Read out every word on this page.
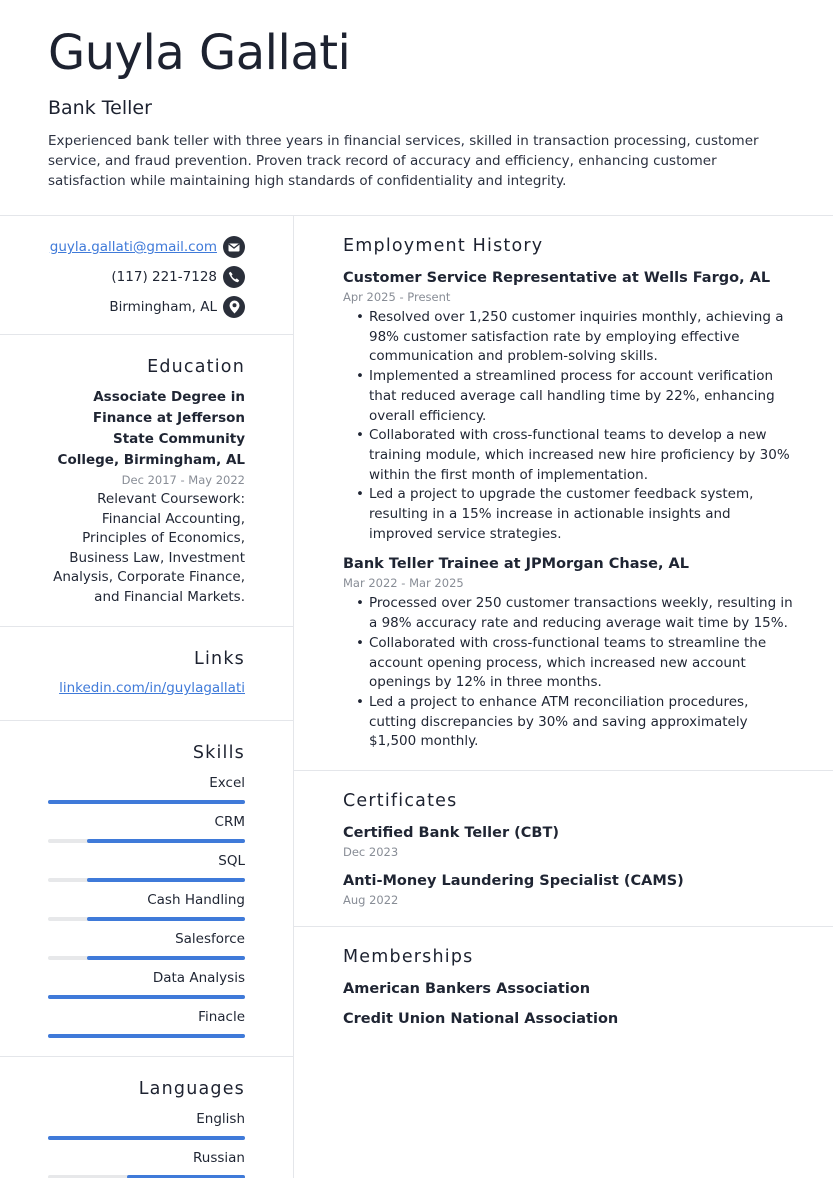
Guyla Gallati
Bank Teller

Experienced bank teller with three years in financial services, skilled in transaction processing, customer service, and fraud prevention. Proven track record of accuracy and efficiency, enhancing customer satisfaction while maintaining high standards of confidentiality and integrity.

guyla.gallati@gmail.com
(117) 221-7128
Birmingham, AL
Education
Associate Degree in Finance at Jefferson State Community College, Birmingham, AL
Dec 2017 - May 2022
Relevant Coursework: Financial Accounting, Principles of Economics, Business Law, Investment Analysis, Corporate Finance, and Financial Markets.
Links
linkedin.com/in/guylagallati
Skills
Excel
CRM
SQL
Cash Handling
Salesforce
Data Analysis
Finacle
Languages
English
Russian
Employment History
Customer Service Representative at Wells Fargo, AL
Apr 2025 - Present
• Resolved over 1,250 customer inquiries monthly, achieving a 98% customer satisfaction rate by employing effective communication and problem-solving skills.
• Implemented a streamlined process for account verification that reduced average call handling time by 22%, enhancing overall efficiency.
• Collaborated with cross-functional teams to develop a new training module, which increased new hire proficiency by 30% within the first month of implementation.
• Led a project to upgrade the customer feedback system, resulting in a 15% increase in actionable insights and improved service strategies.
Bank Teller Trainee at JPMorgan Chase, AL
Mar 2022 - Mar 2025
• Processed over 250 customer transactions weekly, resulting in a 98% accuracy rate and reducing average wait time by 15%.
• Collaborated with cross-functional teams to streamline the account opening process, which increased new account openings by 12% in three months.
• Led a project to enhance ATM reconciliation procedures, cutting discrepancies by 30% and saving approximately $1,500 monthly.
Certificates
Certified Bank Teller (CBT)
Dec 2023
Anti-Money Laundering Specialist (CAMS)
Aug 2022
Memberships
American Bankers Association
Credit Union National Association
